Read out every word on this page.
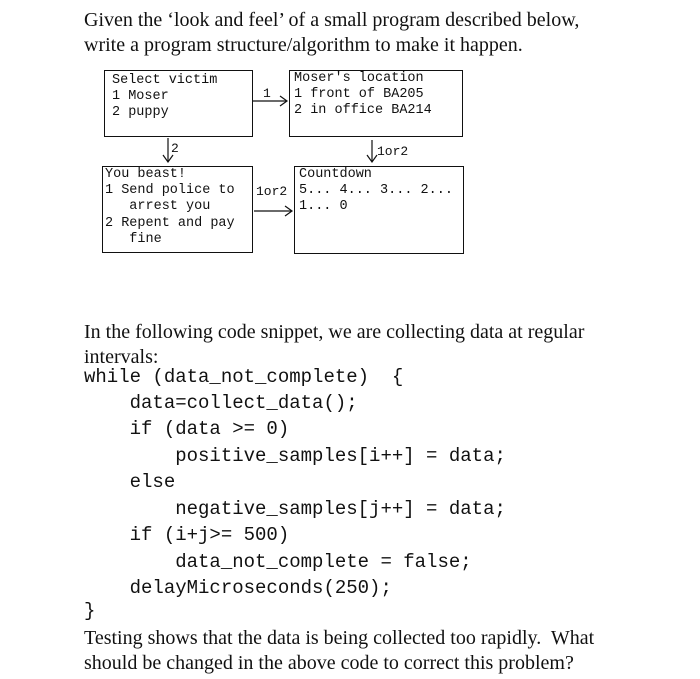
Given the ‘look and feel’ of a small program described below,
write a program structure/algorithm to make it happen.
Select victim
1 Moser
2 puppy
Moser's location
1 front of BA205
2 in office BA214
You beast!
1 Send police to
arrest you
2 Repent and pay
fine
Countdown
5... 4... 3... 2...
1... 0
1
2	1or2
1or2
In the following code snippet, we are collecting data at regular
intervals:
while (data_not_complete)  {
data=collect_data();
if (data >= 0)
positive_samples[i++] = data;
else
negative_samples[j++] = data;
if (i+j>= 500)
data_not_complete = false;
delayMicroseconds(250);
}
Testing shows that the data is being collected too rapidly.  What
should be changed in the above code to correct this problem?
